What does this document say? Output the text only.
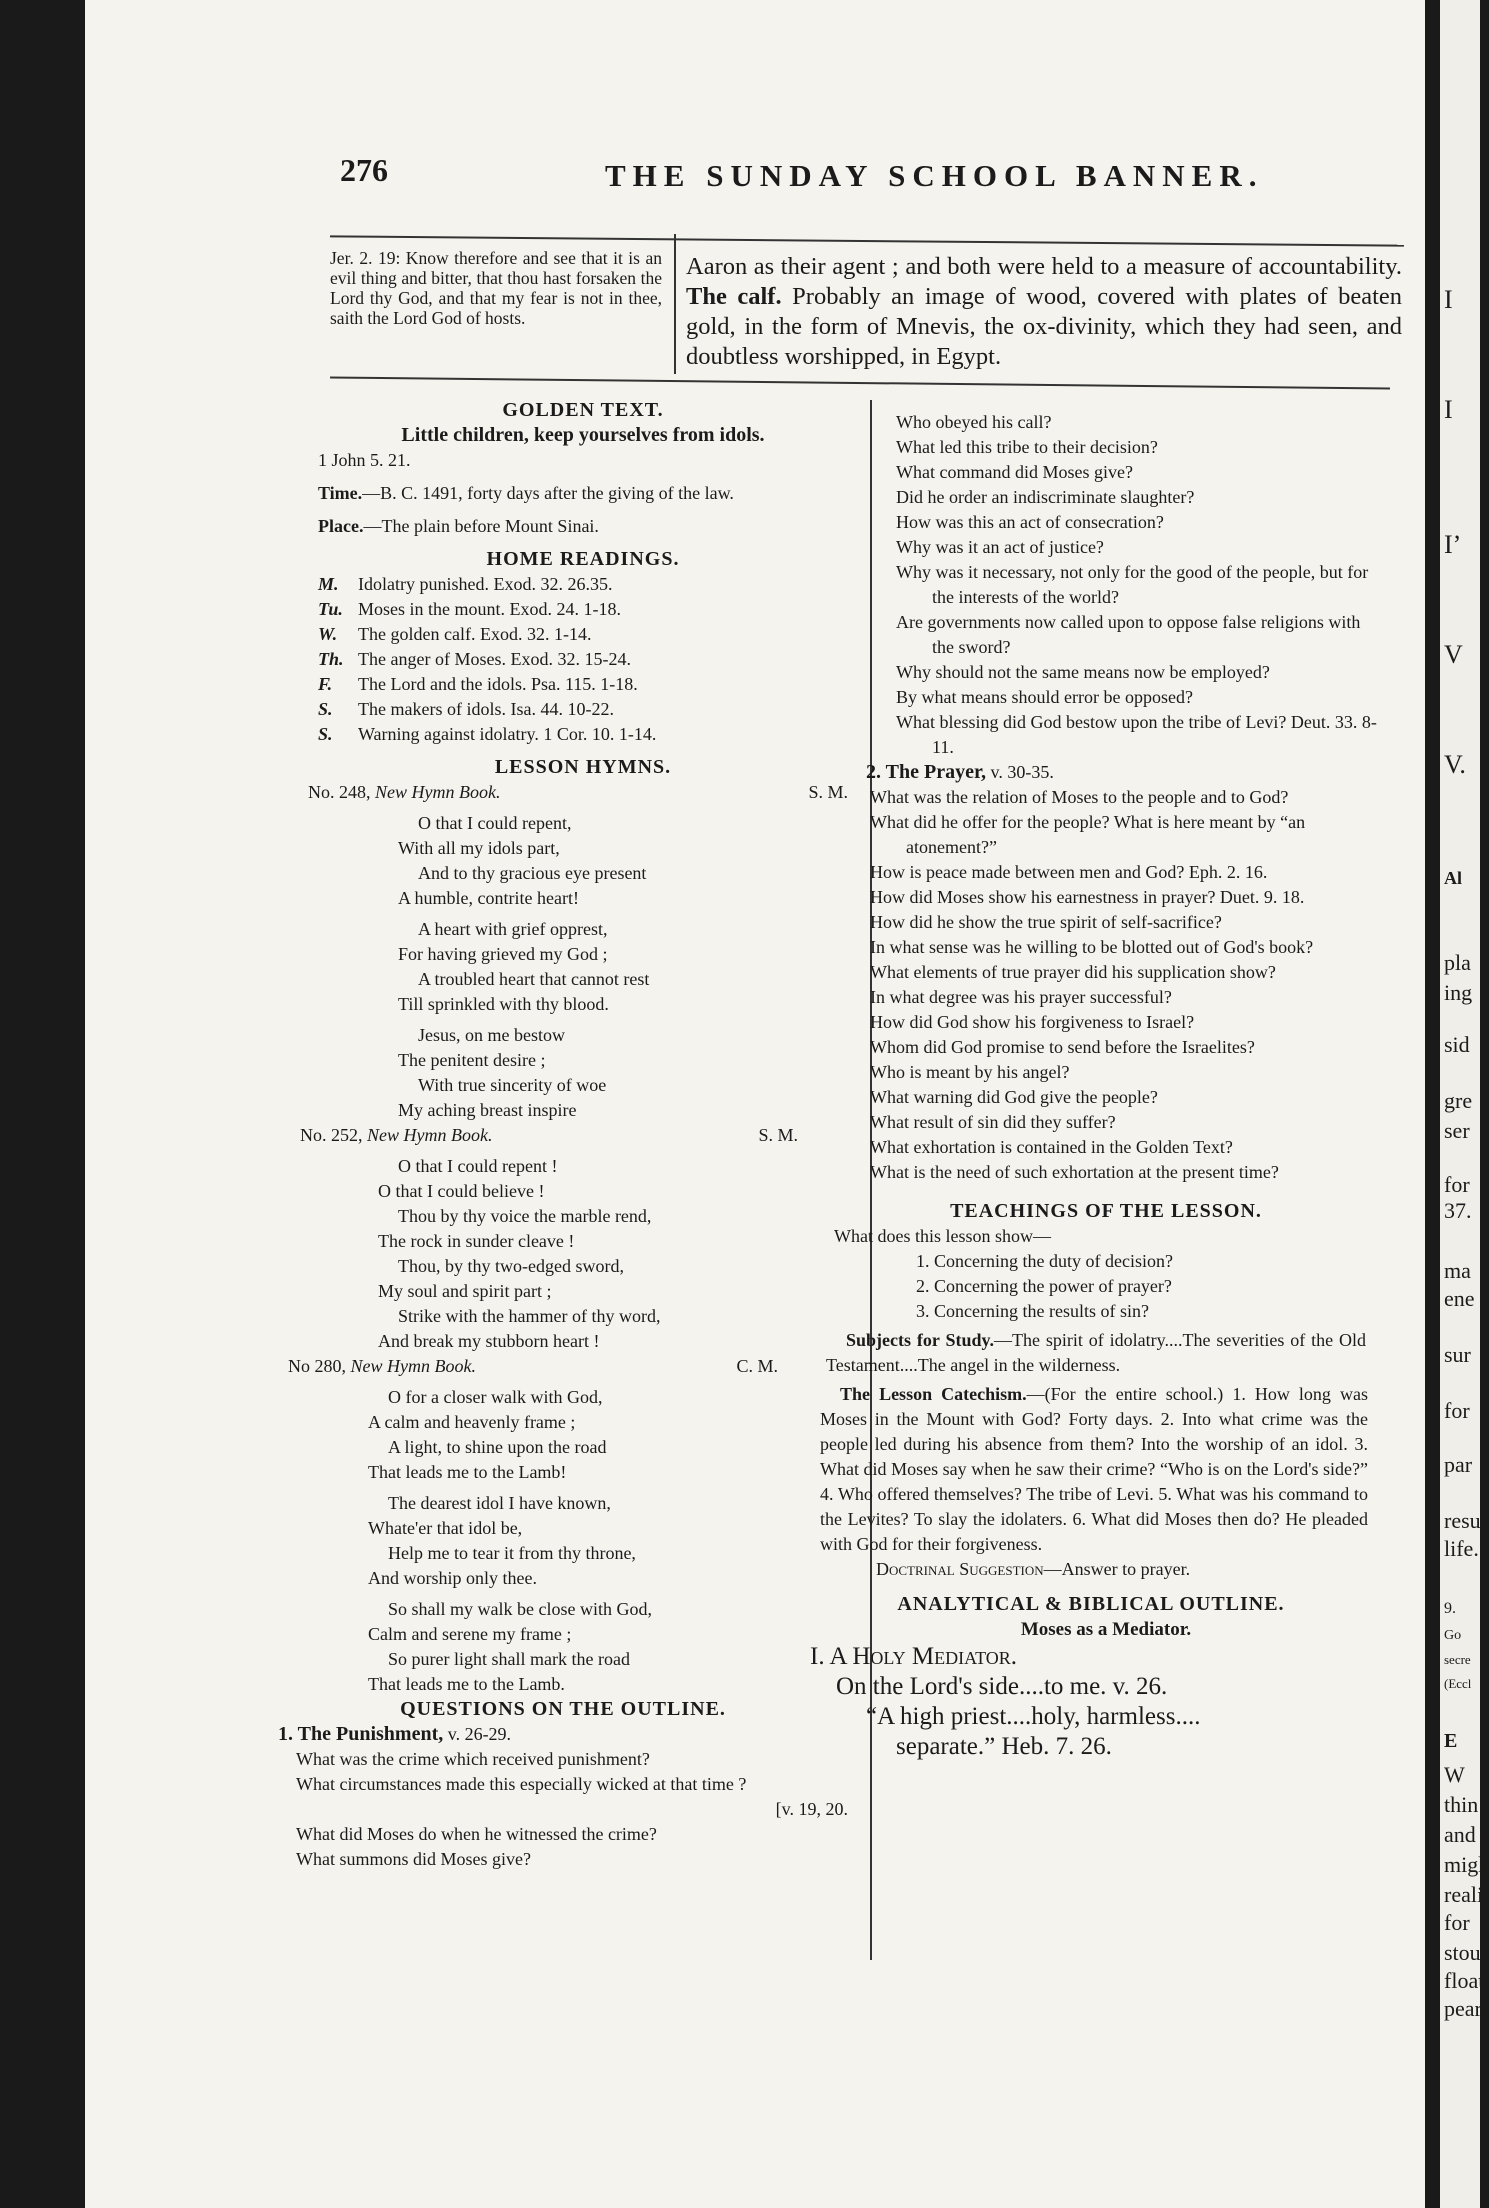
276	THE SUNDAY SCHOOL BANNER.
Jer. 2. 19: Know therefore and see that it is an evil thing and bitter, that thou hast forsaken the Lord thy God, and that my fear is not in thee, saith the Lord God of hosts.
Aaron as their agent ; and both were held to a measure of accountability. The calf. Probably an image of wood, covered with plates of beaten gold, in the form of Mnevis, the ox-divinity, which they had seen, and doubtless worshipped, in Egypt.

GOLDEN TEXT.

Little children, keep yourselves from idols.

1 John 5. 21.

Time.—B. C. 1491, forty days after the giving of the law.

Place.—The plain before Mount Sinai.

HOME READINGS.

M.	Idolatry punished. Exod. 32. 26.35.
Tu. Moses in the mount. Exod. 24. 1-18.
W.	The golden calf. Exod. 32. 1-14.
Th. The anger of Moses. Exod. 32. 15-24.
F.	The Lord and the idols. Psa. 115. 1-18.
S.	The makers of idols. Isa. 44. 10-22.
S.	Warning against idolatry. 1 Cor. 10. 1-14.

LESSON HYMNS.

No. 248, New Hymn Book.	S. M.

O that I could repent,

With all my idols part,

And to thy gracious eye present

A humble, contrite heart!

A heart with grief opprest,

For having grieved my God ;

A troubled heart that cannot rest

Till sprinkled with thy blood.

Jesus, on me bestow

The penitent desire ;

With true sincerity of woe

My aching breast inspire

No. 252, New Hymn Book.	S. M.

O that I could repent !

O that I could believe !

Thou by thy voice the marble rend,

The rock in sunder cleave !

Thou, by thy two-edged sword,

My soul and spirit part ;

Strike with the hammer of thy word,

And break my stubborn heart !

No 280, New Hymn Book.	C. M.

O for a closer walk with God,

A calm and heavenly frame ;

A light, to shine upon the road

That leads me to the Lamb!

The dearest idol I have known,

Whate'er that idol be,

Help me to tear it from thy throne,

And worship only thee.

So shall my walk be close with God,

Calm and serene my frame ;

So purer light shall mark the road

That leads me to the Lamb.

QUESTIONS ON THE OUTLINE.

1. The Punishment, v. 26-29.

What was the crime which received punishment?

What circumstances made this especially wicked at that time ?

[v. 19, 20.

What did Moses do when he witnessed the crime?

What summons did Moses give?

Who obeyed his call?

What led this tribe to their decision?

What command did Moses give?

Did he order an indiscriminate slaughter?

How was this an act of consecration?

Why was it an act of justice?

Why was it necessary, not only for the good of the people, but for the interests of the world?

Are governments now called upon to oppose false religions with the sword?

Why should not the same means now be employed?

By what means should error be opposed?

What blessing did God bestow upon the tribe of Levi? Deut. 33. 8-11.

2. The Prayer, v. 30-35.

What was the relation of Moses to the people and to God?

What did he offer for the people? What is here meant by “an atonement?”

How is peace made between men and God? Eph. 2. 16.

How did Moses show his earnestness in prayer? Duet. 9. 18.

How did he show the true spirit of self-sacrifice?

In what sense was he willing to be blotted out of God's book?

What elements of true prayer did his supplication show?

In what degree was his prayer successful?

How did God show his forgiveness to Israel?

Whom did God promise to send before the Israelites?

Who is meant by his angel?

What warning did God give the people?

What result of sin did they suffer?

What exhortation is contained in the Golden Text?

What is the need of such exhortation at the present time?

TEACHINGS OF THE LESSON.

What does this lesson show—

1. Concerning the duty of decision?

2. Concerning the power of prayer?

3. Concerning the results of sin?

Subjects for Study.—The spirit of idolatry....The severities of the Old Testament....The angel in the wilderness.

The Lesson Catechism.—(For the entire school.) 1. How long was Moses in the Mount with God? Forty days. 2. Into what crime was the people led during his absence from them? Into the worship of an idol. 3. What did Moses say when he saw their crime? “Who is on the Lord's side?” 4. Who offered themselves? The tribe of Levi. 5. What was his command to the Levites? To slay the idolaters. 6. What did Moses then do? He pleaded with God for their forgiveness.

Doctrinal Suggestion—Answer to prayer.

ANALYTICAL & BIBLICAL OUTLINE.

Moses as a Mediator.

I. A Holy Mediator.

On the Lord's side....to me. v. 26.

“A high priest....holy, harmless....

separate.” Heb. 7. 26.

I
I
I’
V
V.
Al
pla
ing
sid
gre
ser
for
37.
ma
ene
sur
for
par
resu
life.
9.
Go
secre
(Eccl
E
W
thin
and
migh
reali
for
stou
float
pear
